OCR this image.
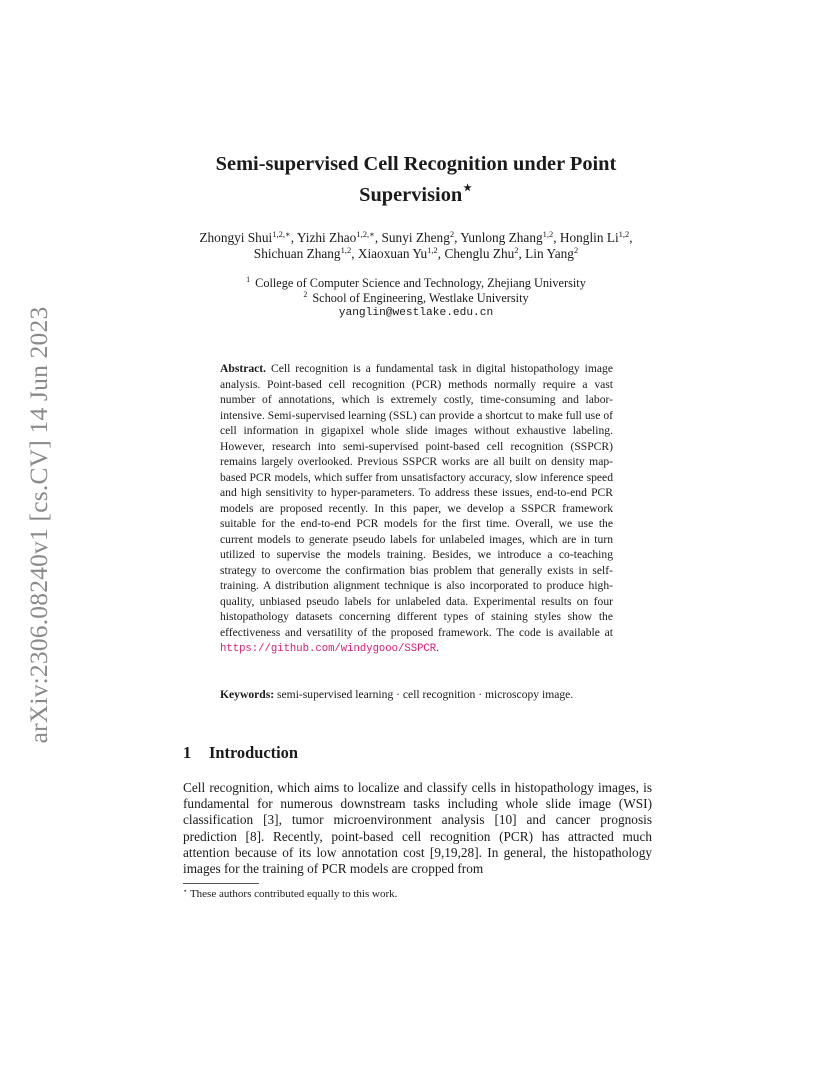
arXiv:2306.08240v1 [cs.CV] 14 Jun 2023
Semi-supervised Cell Recognition under Point Supervision⋆
Zhongyi Shui$^{1,2,∗}$, Yizhi Zhao$^{1,2,∗}$, Sunyi Zheng$^2$, Yunlong Zhang$^{1,2}$, Honglin Li$^{1,2}$, Shichuan Zhang$^{1,2}$, Xiaoxuan Yu$^{1,2}$, Chenglu Zhu$^2$, Lin Yang$^2$
$^1$ College of Computer Science and Technology, Zhejiang University
$^2$ School of Engineering, Westlake University
yanglin@westlake.edu.cn

Abstract. Cell recognition is a fundamental task in digital histopathology image analysis. Point-based cell recognition (PCR) methods normally require a vast number of annotations, which is extremely costly, time-consuming and labor-intensive. Semi-supervised learning (SSL) can provide a shortcut to make full use of cell information in gigapixel whole slide images without exhaustive labeling. However, research into semi-supervised point-based cell recognition (SSPCR) remains largely overlooked. Previous SSPCR works are all built on density map-based PCR models, which suffer from unsatisfactory accuracy, slow inference speed and high sensitivity to hyper-parameters. To address these issues, end-to-end PCR models are proposed recently. In this paper, we develop a SSPCR framework suitable for the end-to-end PCR models for the first time. Overall, we use the current models to generate pseudo labels for unlabeled images, which are in turn utilized to supervise the models training. Besides, we introduce a co-teaching strategy to overcome the confirmation bias problem that generally exists in self-training. A distribution alignment technique is also incorporated to produce high-quality, unbiased pseudo labels for unlabeled data. Experimental results on four histopathology datasets concerning different types of staining styles show the effectiveness and versatility of the proposed framework. The code is available at https://github.com/windygooo/SSPCR.

Keywords: semi-supervised learning · cell recognition · microscopy image.

1 Introduction

Cell recognition, which aims to localize and classify cells in histopathology images, is fundamental for numerous downstream tasks including whole slide image (WSI) classification [3], tumor microenvironment analysis [10] and cancer prognosis prediction [8]. Recently, point-based cell recognition (PCR) has attracted much attention because of its low annotation cost [9,19,28]. In general, the histopathology images for the training of PCR models are cropped from

⋆ These authors contributed equally to this work.
